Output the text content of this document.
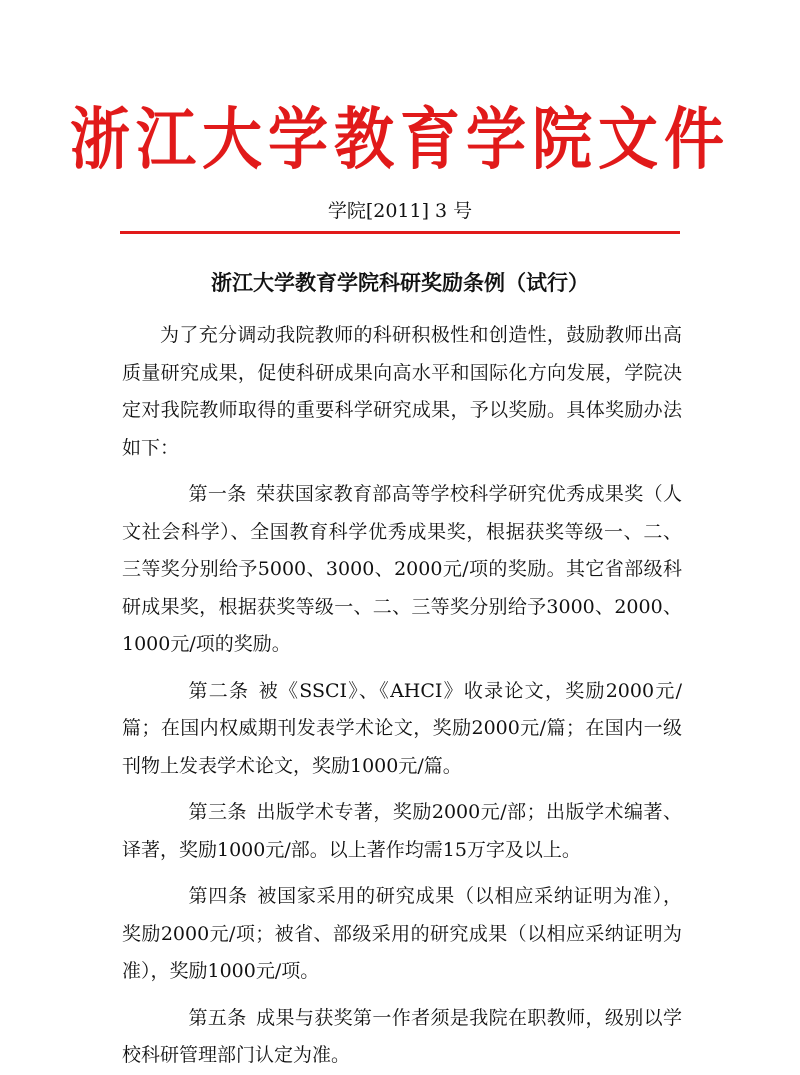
浙江大学教育学院文件
学院[2011] 3 号
浙江大学教育学院科研奖励条例（试行）

为了充分调动我院教师的科研积极性和创造性，鼓励教师出高质量研究成果，促使科研成果向高水平和国际化方向发展，学院决定对我院教师取得的重要科学研究成果，予以奖励。具体奖励办法如下：

第一条 荣获国家教育部高等学校科学研究优秀成果奖（人文社会科学）、全国教育科学优秀成果奖，根据获奖等级一、二、三等奖分别给予5000、3000、2000元/项的奖励。其它省部级科研成果奖，根据获奖等级一、二、三等奖分别给予3000、2000、1000元/项的奖励。

第二条 被《SSCI》、《AHCI》收录论文，奖励2000元/篇；在国内权威期刊发表学术论文，奖励2000元/篇；在国内一级刊物上发表学术论文，奖励1000元/篇。

第三条 出版学术专著，奖励2000元/部；出版学术编著、译著，奖励1000元/部。以上著作均需15万字及以上。

第四条 被国家采用的研究成果（以相应采纳证明为准），奖励2000元/项；被省、部级采用的研究成果（以相应采纳证明为准），奖励1000元/项。

第五条 成果与获奖第一作者须是我院在职教师，级别以学校科研管理部门认定为准。
